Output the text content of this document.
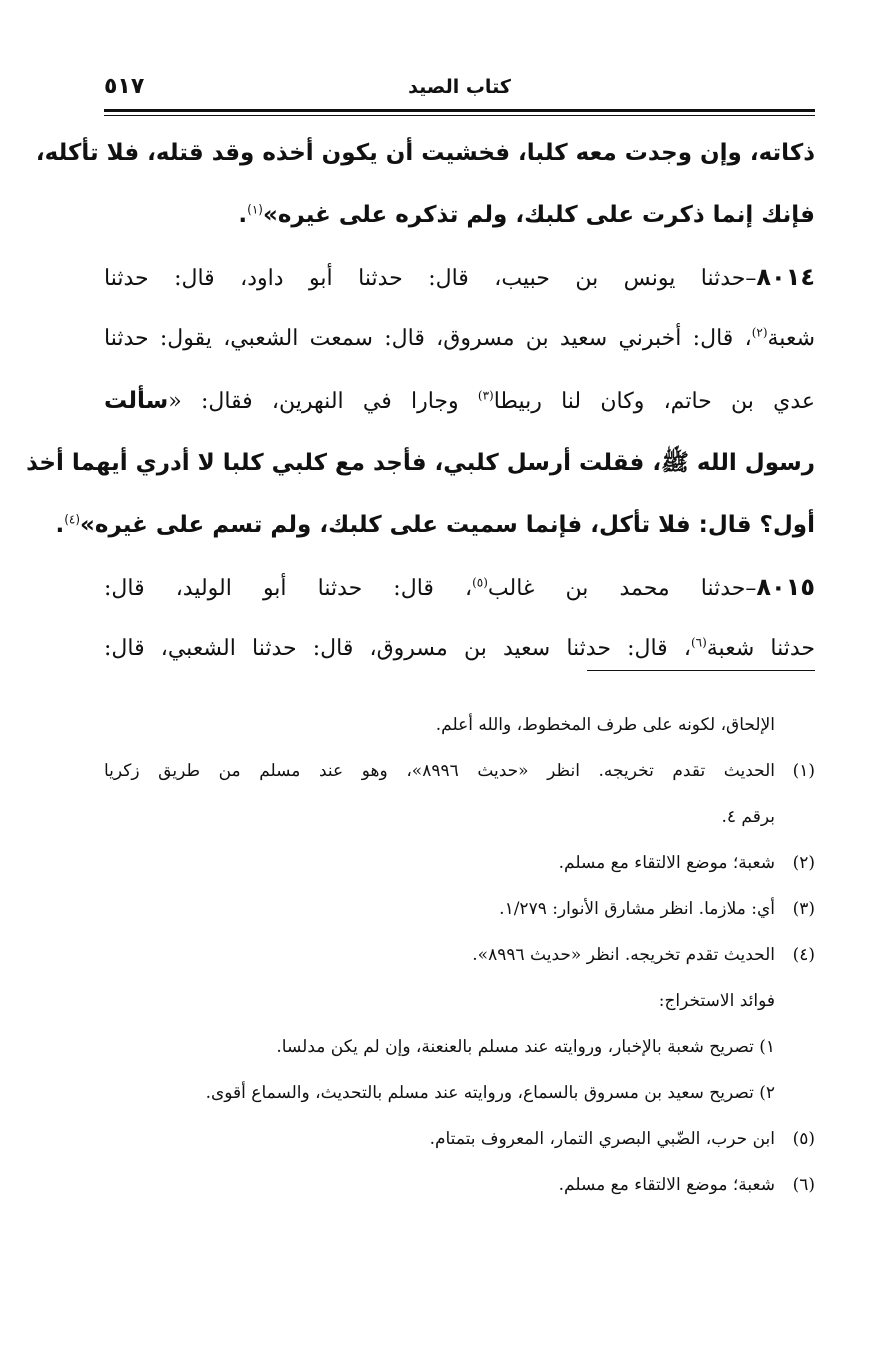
كتاب الصيد
٥١٧
ذكاته، وإن وجدت معه كلبا، فخشيت أن يكون أخذه وقد قتله، فلا تأكله،
فإنك إنما ذكرت على كلبك، ولم تذكره على غيره»$^{(١)}$.
٨٠١٤–حدثنا يونس بن حبيب، قال: حدثنا أبو داود، قال: حدثنا
شعبة$^{(٢)}$، قال: أخبرني سعيد بن مسروق، قال: سمعت الشعبي، يقول: حدثنا
عدي بن حاتم، وكان لنا ربيطا$^{(٣)}$ وجارا في النهرين، فقال: «سألت
رسول الله ﷺ، فقلت أرسل كلبي، فأجد مع كلبي كلبا لا أدري أيهما أخذ
أول؟ قال: فلا تأكل، فإنما سميت على كلبك، ولم تسم على غيره»$^{(٤)}$.
٨٠١٥–حدثنا محمد بن غالب$^{(٥)}$، قال: حدثنا أبو الوليد، قال:
حدثنا شعبة$^{(٦)}$، قال: حدثنا سعيد بن مسروق، قال: حدثنا الشعبي، قال:
الإلحاق، لكونه على طرف المخطوط، والله أعلم.
(١)الحديث تقدم تخريجه. انظر «حديث ٨٩٩٦»، وهو عند مسلم من طريق زكريا
برقم ٤.
(٢)شعبة؛ موضع الالتقاء مع مسلم.
(٣)أي: ملازما. انظر مشارق الأنوار: ١/٢٧٩.
(٤)الحديث تقدم تخريجه. انظر «حديث ٨٩٩٦».
فوائد الاستخراج:
١) تصريح شعبة بالإخبار، وروايته عند مسلم بالعنعنة، وإن لم يكن مدلسا.
٢) تصريح سعيد بن مسروق بالسماع، وروايته عند مسلم بالتحديث، والسماع أقوى.
(٥)ابن حرب، الضّبي البصري التمار، المعروف بتمتام.
(٦)شعبة؛ موضع الالتقاء مع مسلم.
